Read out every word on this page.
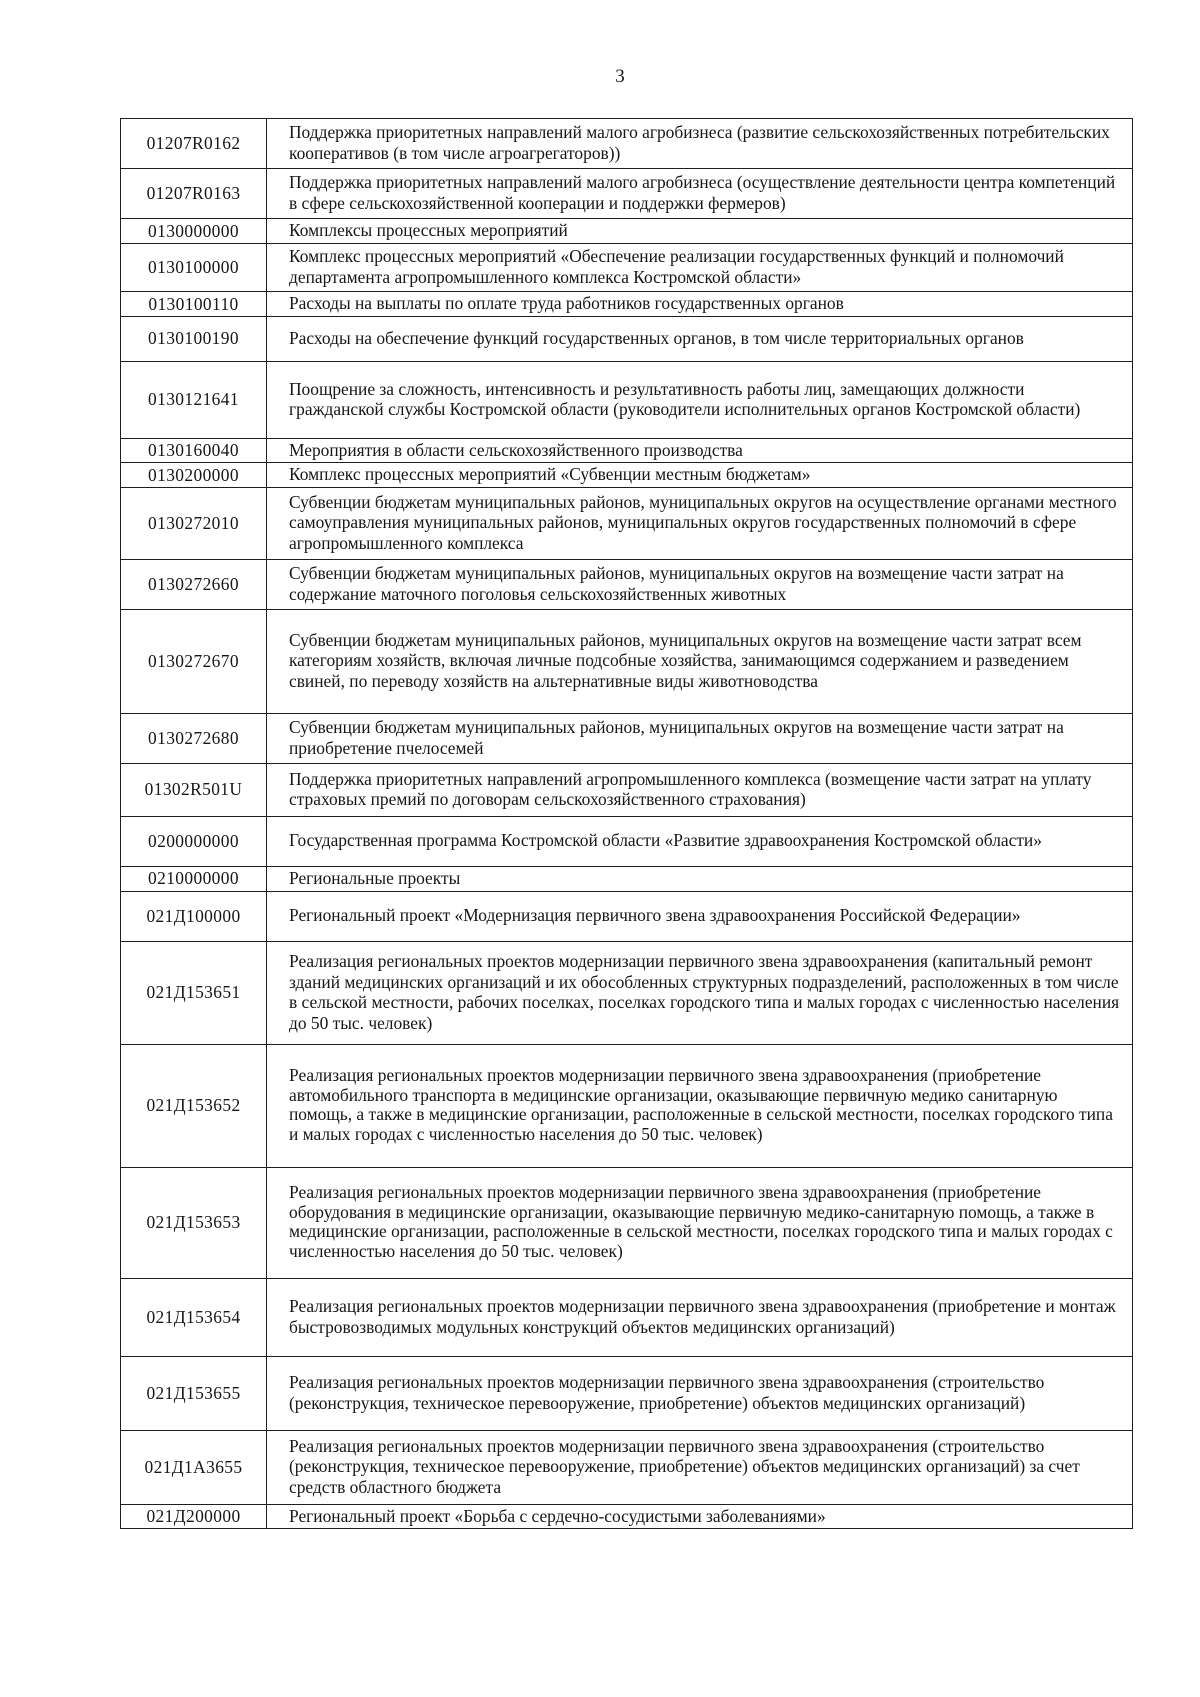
3
01207R0162	Поддержка приоритетных направлений малого агробизнеса (развитие сельскохозяйственных потребительских кооперативов (в том числе агроагрегаторов))
01207R0163	Поддержка приоритетных направлений малого агробизнеса (осуществление деятельности центра компетенций в сфере сельскохозяйственной кооперации и поддержки фермеров)
0130000000	Комплексы процессных мероприятий
0130100000	Комплекс процессных мероприятий «Обеспечение реализации государственных функций и полномочий департамента агропромышленного комплекса Костромской области»
0130100110	Расходы на выплаты по оплате труда работников государственных органов
0130100190	Расходы на обеспечение функций государственных органов, в том числе территориальных органов
0130121641	Поощрение за сложность, интенсивность и результативность работы лиц, замещающих должности гражданской службы Костромской области (руководители исполнительных органов Костромской области)
0130160040	Мероприятия в области сельскохозяйственного производства
0130200000	Комплекс процессных мероприятий «Субвенции местным бюджетам»
0130272010	Субвенции бюджетам муниципальных районов, муниципальных округов на осуществление органами местного самоуправления муниципальных районов, муниципальных округов государственных полномочий в сфере агропромышленного комплекса
0130272660	Субвенции бюджетам муниципальных районов, муниципальных округов на возмещение части затрат на содержание маточного поголовья сельскохозяйственных животных
0130272670	Субвенции бюджетам муниципальных районов, муниципальных округов на возмещение части затрат всем категориям хозяйств, включая личные подсобные хозяйства, занимающимся содержанием и разведением свиней, по переводу хозяйств на альтернативные виды животноводства
0130272680	Субвенции бюджетам муниципальных районов, муниципальных округов на возмещение части затрат на приобретение пчелосемей
01302R501U	Поддержка приоритетных направлений агропромышленного комплекса (возмещение части затрат на уплату страховых премий по договорам сельскохозяйственного страхования)
0200000000	Государственная программа Костромской области «Развитие здравоохранения Костромской области»
0210000000	Региональные проекты
021Д100000	Региональный проект «Модернизация первичного звена здравоохранения Российской Федерации»
021Д153651	Реализация региональных проектов модернизации первичного звена здравоохранения (капитальный ремонт зданий медицинских организаций и их обособленных структурных подразделений, расположенных в том числе в сельской местности, рабочих поселках, поселках городского типа и малых городах с численностью населения до 50 тыс. человек)
021Д153652	Реализация региональных проектов модернизации первичного звена здравоохранения (приобретение автомобильного транспорта в медицинские организации, оказывающие первичную медико санитарную помощь, а также в медицинские организации, расположенные в сельской местности, поселках городского типа и малых городах с численностью населения до 50 тыс. человек)
021Д153653	Реализация региональных проектов модернизации первичного звена здравоохранения (приобретение оборудования в медицинские организации, оказывающие первичную медико-санитарную помощь, а также в медицинские организации, расположенные в сельской местности, поселках городского типа и малых городах с численностью населения до 50 тыс. человек)
021Д153654	Реализация региональных проектов модернизации первичного звена здравоохранения (приобретение и монтаж быстровозводимых модульных конструкций объектов медицинских организаций)
021Д153655	Реализация региональных проектов модернизации первичного звена здравоохранения (строительство (реконструкция, техническое перевооружение, приобретение) объектов медицинских организаций)
021Д1А3655	Реализация региональных проектов модернизации первичного звена здравоохранения (строительство (реконструкция, техническое перевооружение, приобретение) объектов медицинских организаций) за счет средств областного бюджета
021Д200000	Региональный проект «Борьба с сердечно-сосудистыми заболеваниями»
